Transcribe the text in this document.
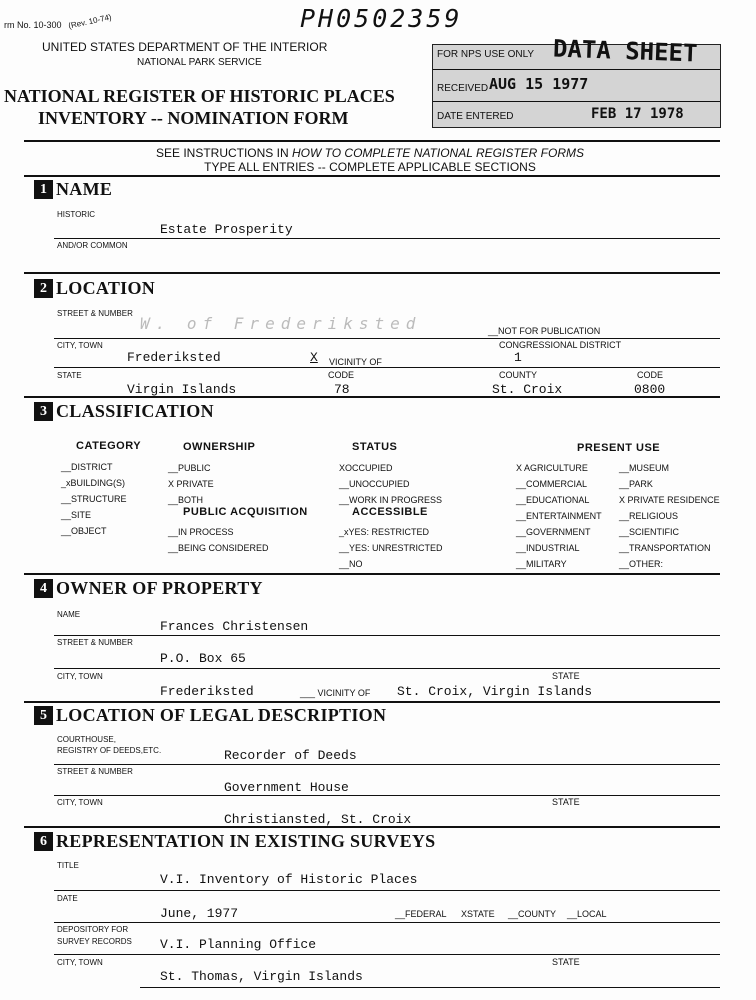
rm No. 10-300 (Rev. 10-74)	PH0502359
UNITED STATES DEPARTMENT OF THE INTERIOR
NATIONAL PARK SERVICE
NATIONAL REGISTER OF HISTORIC PLACES
INVENTORY -- NOMINATION FORM
FOR NPS USE ONLY DATA SHEET
RECEIVED AUG 15 1977
DATE ENTERED	FEB 17 1978
SEE INSTRUCTIONS IN HOW TO COMPLETE NATIONAL REGISTER FORMS
TYPE ALL ENTRIES -- COMPLETE APPLICABLE SECTIONS
1 NAME
HISTORIC
Estate Prosperity
AND/OR COMMON
2 LOCATION
STREET & NUMBER
W. of Frederiksted	__NOT FOR PUBLICATION
CITY, TOWN	CONGRESSIONAL DISTRICT
Frederiksted	X VICINITY OF	1
STATE	CODE	COUNTY	CODE
Virgin Islands	78	St. Croix	0800
3 CLASSIFICATION
CATEGORY	OWNERSHIP	STATUS	PRESENT USE
__DISTRICT
_xBUILDING(S)
__STRUCTURE
__SITE
__OBJECT
__PUBLIC
X PRIVATE
__BOTH
PUBLIC ACQUISITION
__IN PROCESS
__BEING CONSIDERED
XOCCUPIED
__UNOCCUPIED
__WORK IN PROGRESS
ACCESSIBLE
_xYES: RESTRICTED
__YES: UNRESTRICTED
__NO
X AGRICULTURE
__COMMERCIAL
__EDUCATIONAL
__ENTERTAINMENT
__GOVERNMENT
__INDUSTRIAL
__MILITARY
__MUSEUM
__PARK
X PRIVATE RESIDENCE
__RELIGIOUS
__SCIENTIFIC
__TRANSPORTATION
__OTHER:
4 OWNER OF PROPERTY
NAME
Frances Christensen
STREET & NUMBER
P.O. Box 65
CITY, TOWN	STATE
Frederiksted	___ VICINITY OF St. Croix, Virgin Islands
5 LOCATION OF LEGAL DESCRIPTION
COURTHOUSE,
REGISTRY OF DEEDS,ETC.	Recorder of Deeds
STREET & NUMBER
Government House
CITY, TOWN	STATE
Christiansted, St. Croix
6 REPRESENTATION IN EXISTING SURVEYS
TITLE
V.I. Inventory of Historic Places
DATE
June, 1977	__FEDERAL XSTATE __COUNTY __LOCAL
DEPOSITORY FOR
SURVEY RECORDS V.I. Planning Office
CITY, TOWN	STATE
St. Thomas, Virgin Islands
